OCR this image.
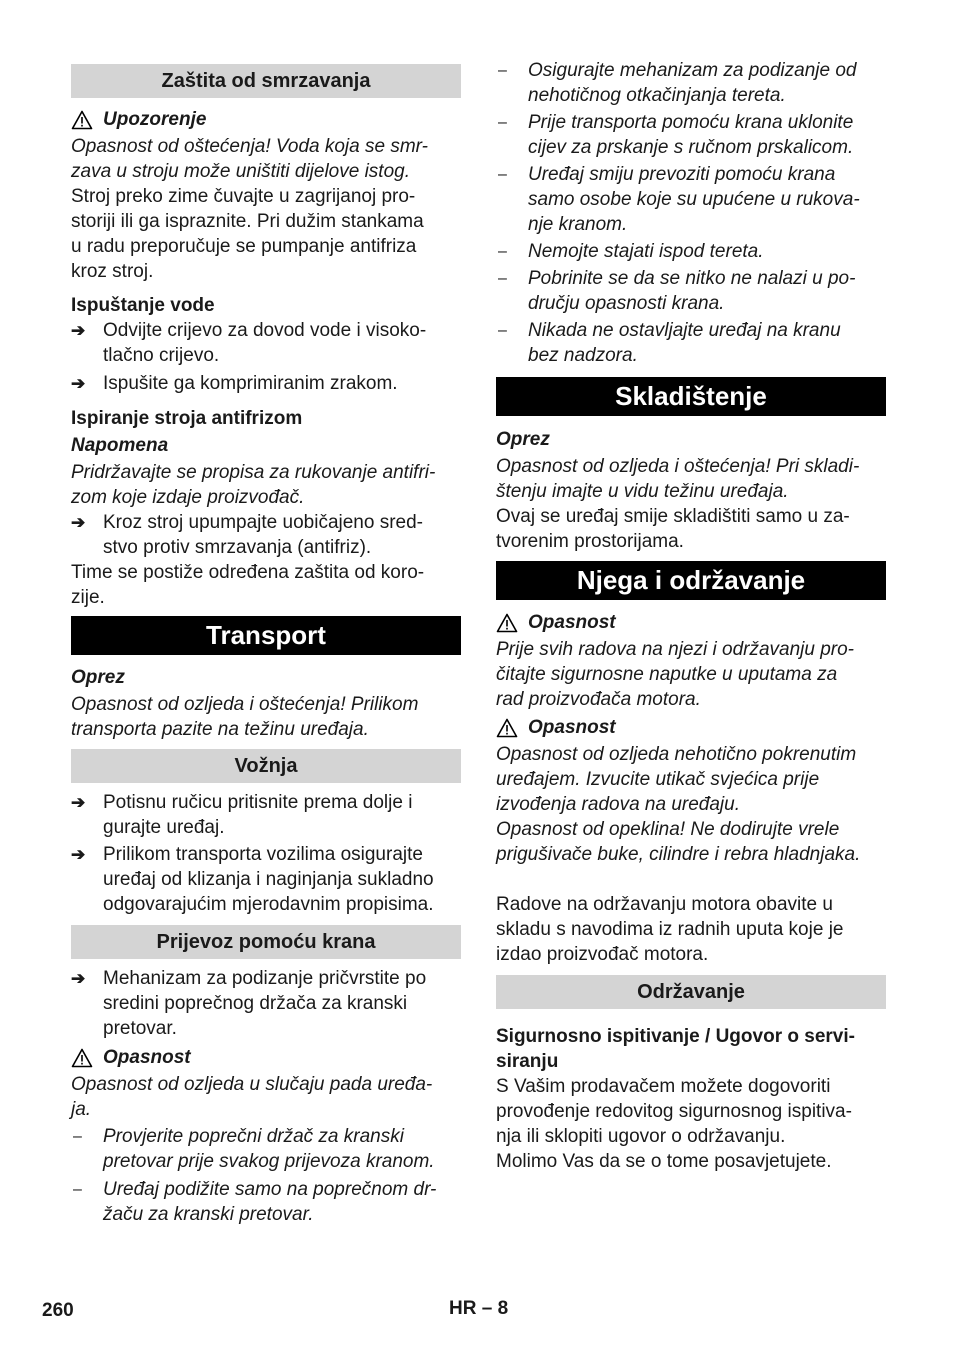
Zaštita od smrzavanja
Upozorenje

Opasnost od oštećenja! Voda koja se smr-
zava u stroju može uništiti dijelove istog.

Stroj preko zime čuvajte u zagrijanoj pro-
storiji ili ga ispraznite. Pri dužim stankama
u radu preporučuje se pumpanje antifriza
kroz stroj.

Ispuštanje vode
➔ Odvijte crijevo za dovod vode i visoko-
tlačno crijevo.
➔ Ispušite ga komprimiranim zrakom.
Ispiranje stroja antifrizom
Napomena

Pridržavajte se propisa za rukovanje antifri-
zom koje izdaje proizvođač.

➔ Kroz stroj upumpajte uobičajeno sred-
stvo protiv smrzavanja (antifriz).

Time se postiže određena zaštita od koro-
zije.

Transport
Oprez

Opasnost od ozljeda i oštećenja! Prilikom
transporta pazite na težinu uređaja.

Vožnja
➔ Potisnu ručicu pritisnite prema dolje i
gurajte uređaj.
➔ Prilikom transporta vozilima osigurajte
uređaj od klizanja i naginjanja sukladno
odgovarajućim mjerodavnim propisima.
Prijevoz pomoću krana
➔ Mehanizam za podizanje pričvrstite po
sredini poprečnog držača za kranski
pretovar.
Opasnost

Opasnost od ozljeda u slučaju pada uređa-
ja.

–	Provjerite poprečni držač za kranski
pretovar prije svakog prijevoza kranom.
–	Uređaj podižite samo na poprečnom dr-
žaču za kranski pretovar.
–	Osigurajte mehanizam za podizanje od
nehotičnog otkačinjanja tereta.
–	Prije transporta pomoću krana uklonite
cijev za prskanje s ručnom prskalicom.
–	Uređaj smiju prevoziti pomoću krana
samo osobe koje su upućene u rukova-
nje kranom.
–	Nemojte stajati ispod tereta.
–	Pobrinite se da se nitko ne nalazi u po-
dručju opasnosti krana.
–	Nikada ne ostavljajte uređaj na kranu
bez nadzora.
Skladištenje
Oprez

Opasnost od ozljeda i oštećenja! Pri skladi-
štenju imajte u vidu težinu uređaja.

Ovaj se uređaj smije skladištiti samo u za-
tvorenim prostorijama.

Njega i održavanje
Opasnost

Prije svih radova na njezi i održavanju pro-
čitajte sigurnosne naputke u uputama za
rad proizvođača motora.

Opasnost

Opasnost od ozljeda nehotično pokrenutim
uređajem. Izvucite utikač svjećica prije
izvođenja radova na uređaju.
Opasnost od opeklina! Ne dodirujte vrele
prigušivače buke, cilindre i rebra hladnjaka.

Radove na održavanju motora obavite u
skladu s navodima iz radnih uputa koje je
izdao proizvođač motora.

Održavanje

Sigurnosno ispitivanje / Ugovor o servi-
siranju

S Vašim prodavačem možete dogovoriti
provođenje redovitog sigurnosnog ispitiva-
nja ili sklopiti ugovor o održavanju.
Molimo Vas da se o tome posavjetujete.

260	HR – 8
